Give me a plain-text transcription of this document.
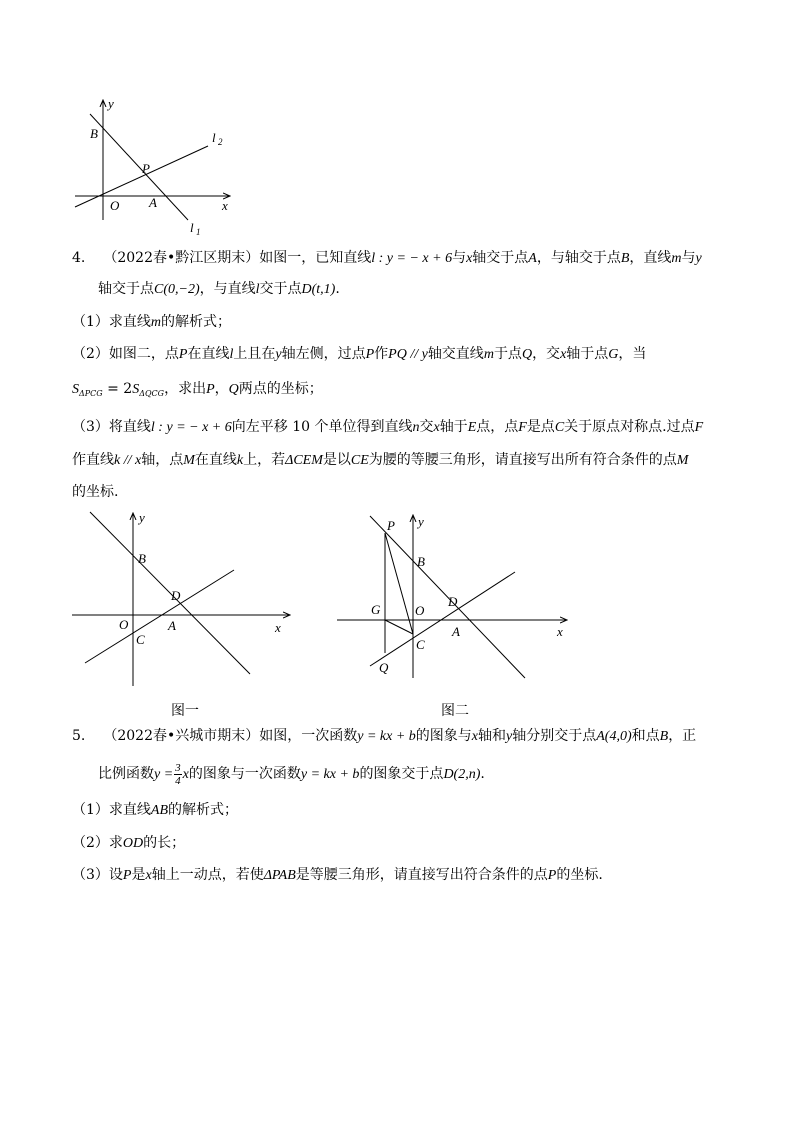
y
B
P
O A	x
l 2
l 1
4. （2022春•黔江区期末）如图一，已知直线l : y = − x + 6与x轴交于点A，与轴交于点B，直线m与y
轴交于点C(0,−2)，与直线l交于点D(t,1).
（1）求直线m的解析式；
（2）如图二，点P在直线l上且在y轴左侧，过点P作PQ // y轴交直线m于点Q，交x轴于点G，当
$S_{\Delta PCG} = 2S_{\Delta QCG}$，求出P，Q两点的坐标；
（3）将直线l : y = − x + 6向左平移 10 个单位得到直线n交x轴于E点，点F是点C关于原点对称点.过点F
作直线k // x轴，点M在直线k上，若ΔCEM是以CE为腰的等腰三角形，请直接写出所有符合条件的点M
的坐标.
y
B
D
O	A
C
x
图一
y
P
B
G	O
D
A
C
Q
x
图二
5. （2022春•兴城市期末）如图，一次函数y = kx + b的图象与x轴和y轴分别交于点A(4,0)和点B，正
比例函数$y = \frac{3}{4}$ x的图象与一次函数y = kx + b的图象交于点D(2,n).
（1）求直线AB的解析式；
（2）求OD的长；
（3）设P是x轴上一动点，若使ΔPAB是等腰三角形，请直接写出符合条件的点P的坐标.
